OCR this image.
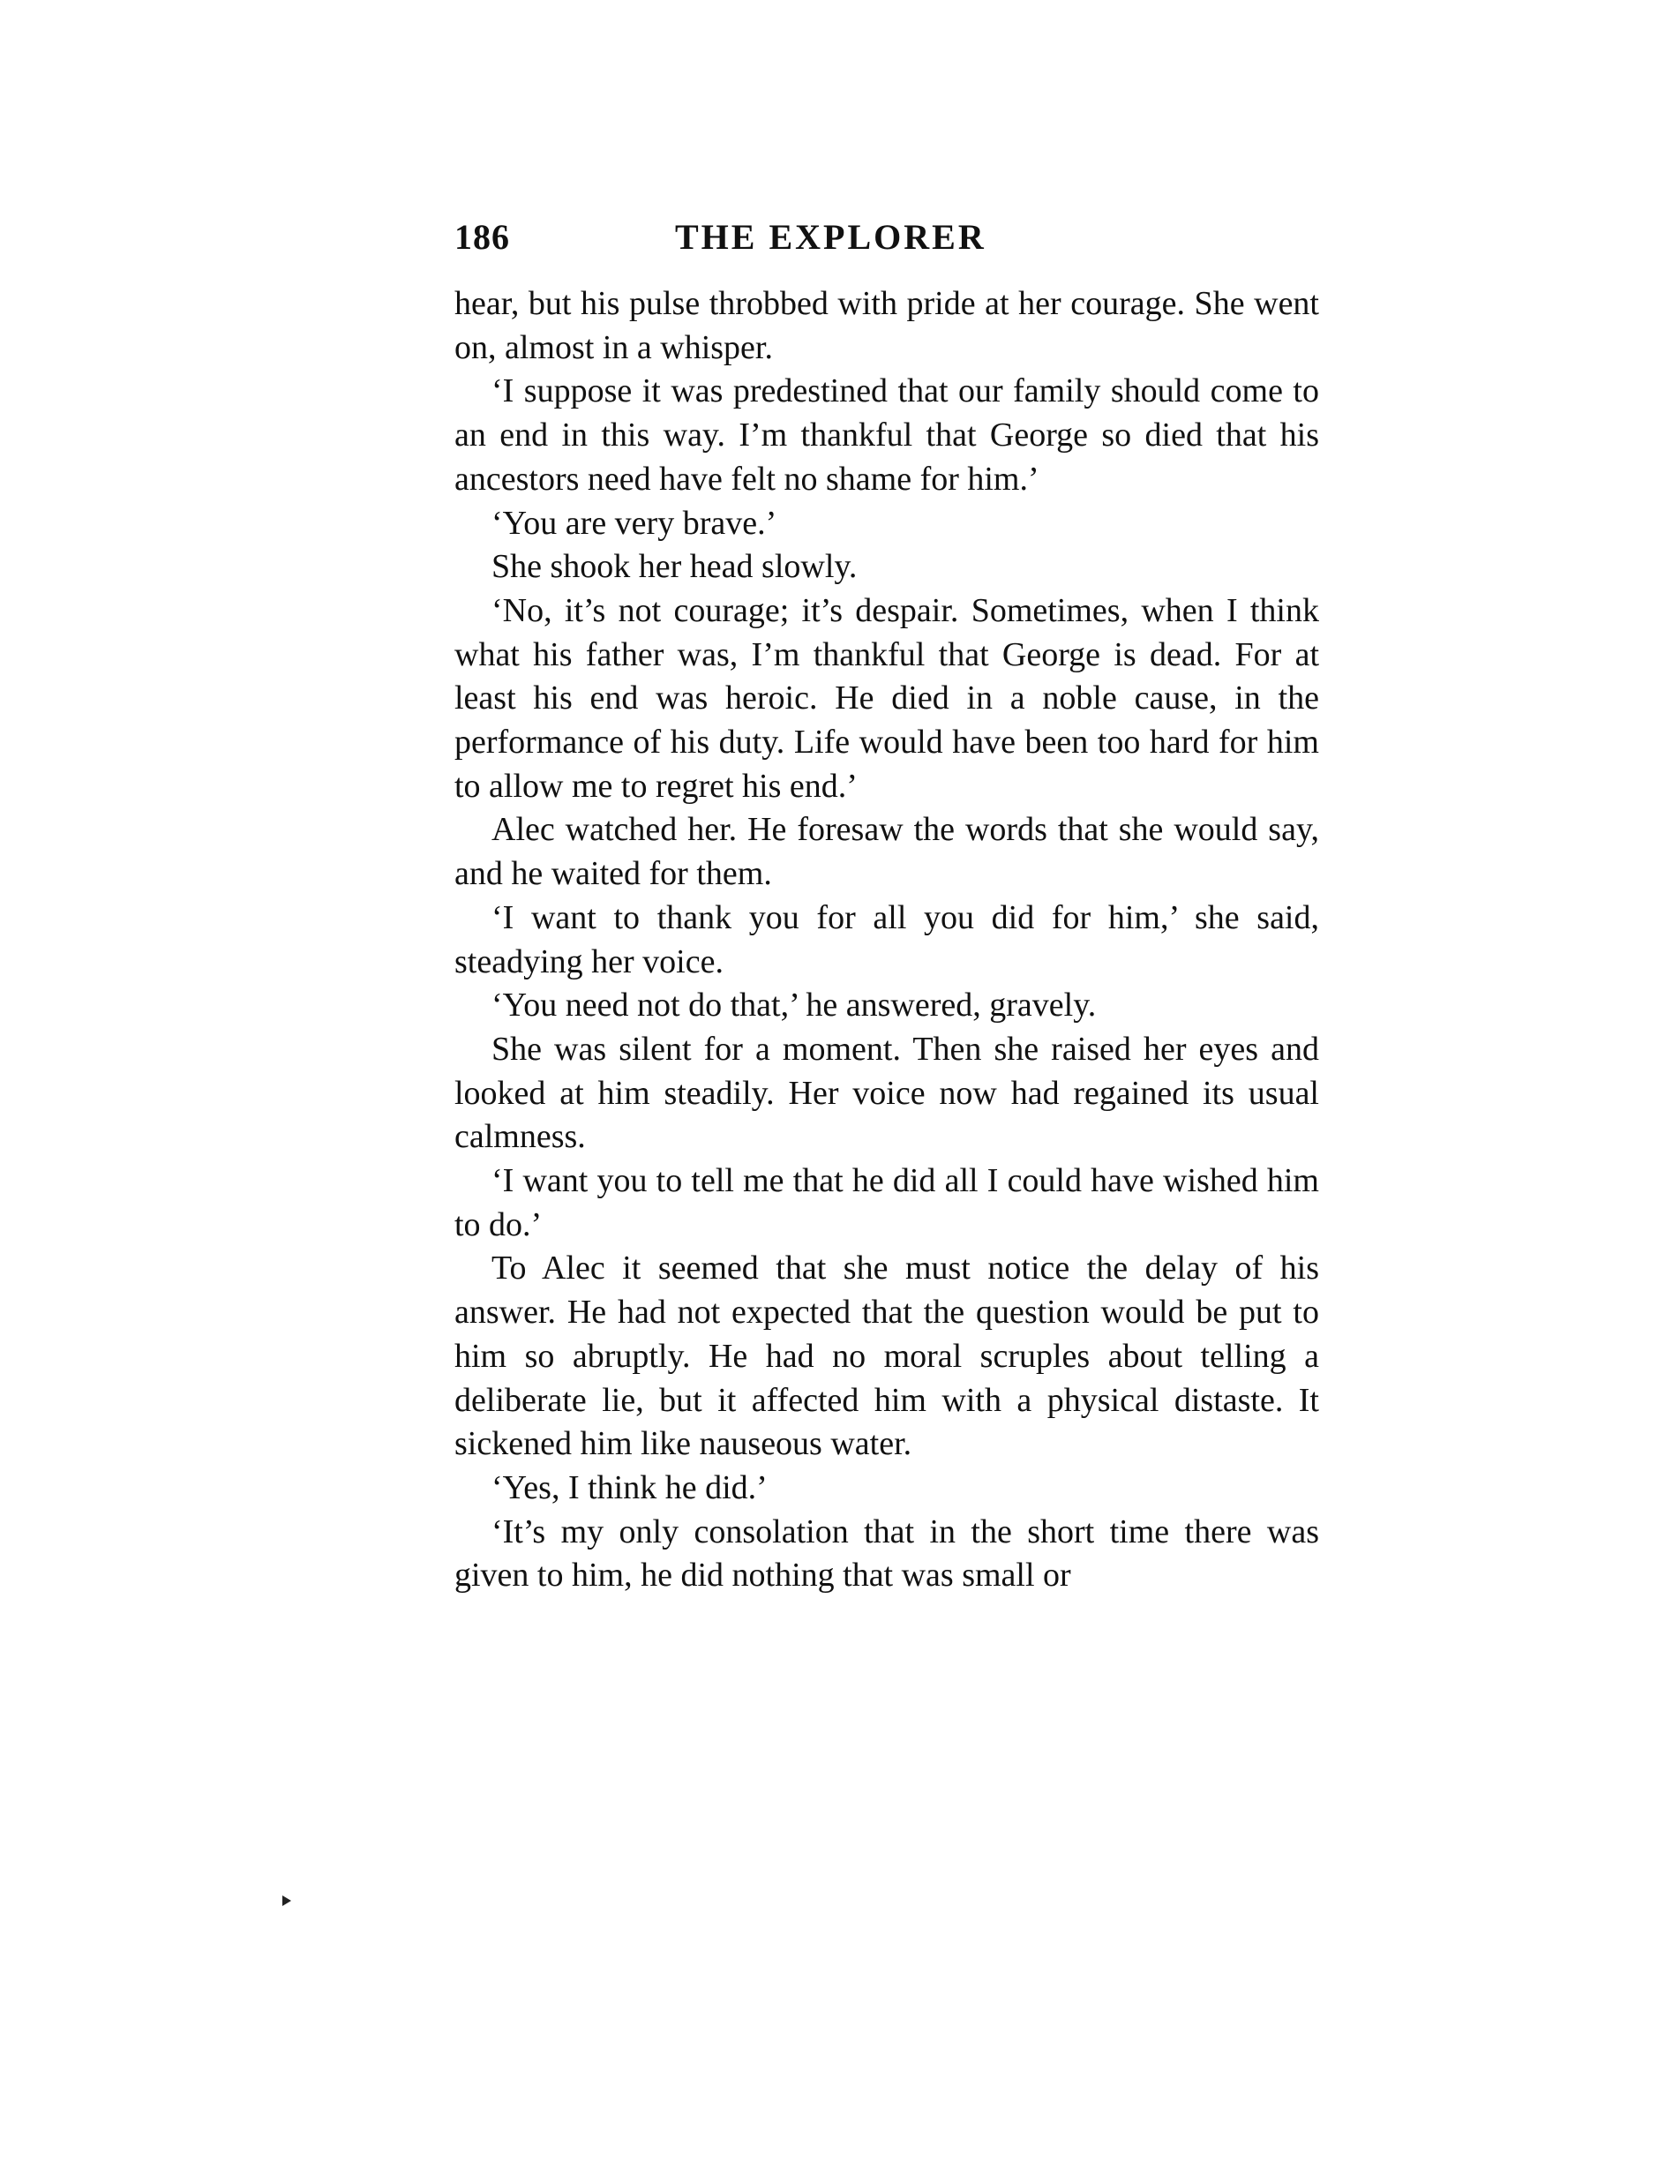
186	THE EXPLORER

hear, but his pulse throbbed with pride at her courage. She went on, almost in a whisper.

‘I suppose it was predestined that our family should come to an end in this way. I’m thankful that George so died that his ancestors need have felt no shame for him.’

‘You are very brave.’

She shook her head slowly.

‘No, it’s not courage; it’s despair. Sometimes, when I think what his father was, I’m thankful that George is dead. For at least his end was heroic. He died in a noble cause, in the performance of his duty. Life would have been too hard for him to allow me to regret his end.’

Alec watched her. He foresaw the words that she would say, and he waited for them.

‘I want to thank you for all you did for him,’ she said, steadying her voice.

‘You need not do that,’ he answered, gravely.

She was silent for a moment. Then she raised her eyes and looked at him steadily. Her voice now had regained its usual calmness.

‘I want you to tell me that he did all I could have wished him to do.’

To Alec it seemed that she must notice the delay of his answer. He had not expected that the question would be put to him so abruptly. He had no moral scruples about telling a deliberate lie, but it affected him with a physical distaste. It sickened him like nauseous water.

‘Yes, I think he did.’

‘It’s my only consolation that in the short time there was given to him, he did nothing that was small or
